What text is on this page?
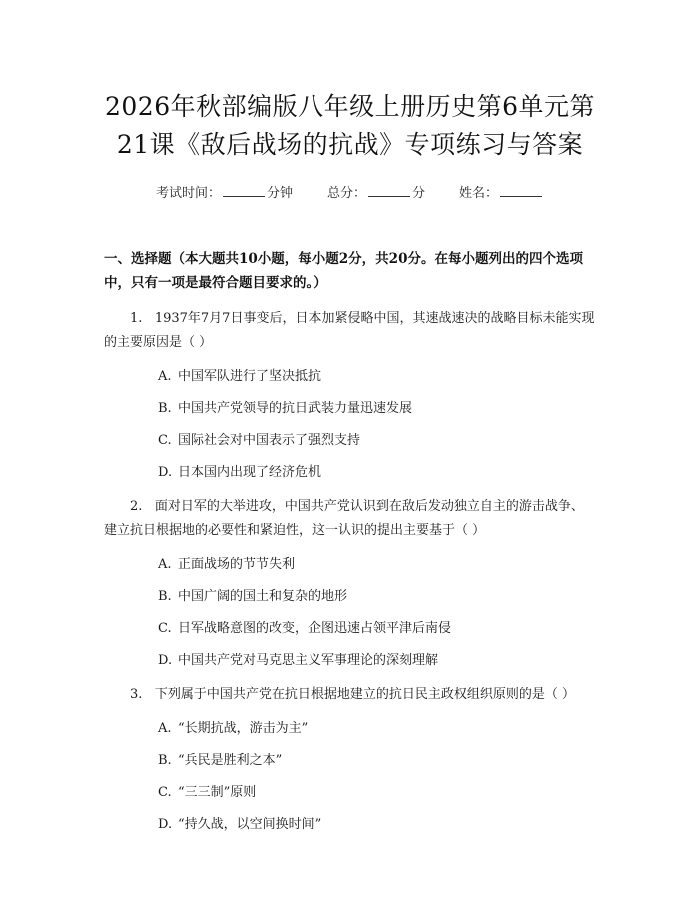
2026年秋部编版八年级上册历史第6单元第
21课《敌后战场的抗战》专项练习与答案
考试时间：	分钟	总分：	分	姓名：
一、选择题（本大题共10小题，每小题2分，共20分。在每小题列出的四个选项中，只有一项是最符合题目要求的。）
1. 1937年7月7日事变后，日本加紧侵略中国，其速战速决的战略目标未能实现的主要原因是（ ）
A. 中国军队进行了坚决抵抗
B. 中国共产党领导的抗日武装力量迅速发展
C. 国际社会对中国表示了强烈支持
D. 日本国内出现了经济危机
2. 面对日军的大举进攻，中国共产党认识到在敌后发动独立自主的游击战争、建立抗日根据地的必要性和紧迫性，这一认识的提出主要基于（ ）
A. 正面战场的节节失利
B. 中国广阔的国土和复杂的地形
C. 日军战略意图的改变，企图迅速占领平津后南侵
D. 中国共产党对马克思主义军事理论的深刻理解
3. 下列属于中国共产党在抗日根据地建立的抗日民主政权组织原则的是（ ）
A. “长期抗战，游击为主”
B. “兵民是胜利之本”
C. “三三制”原则
D. “持久战，以空间换时间”
